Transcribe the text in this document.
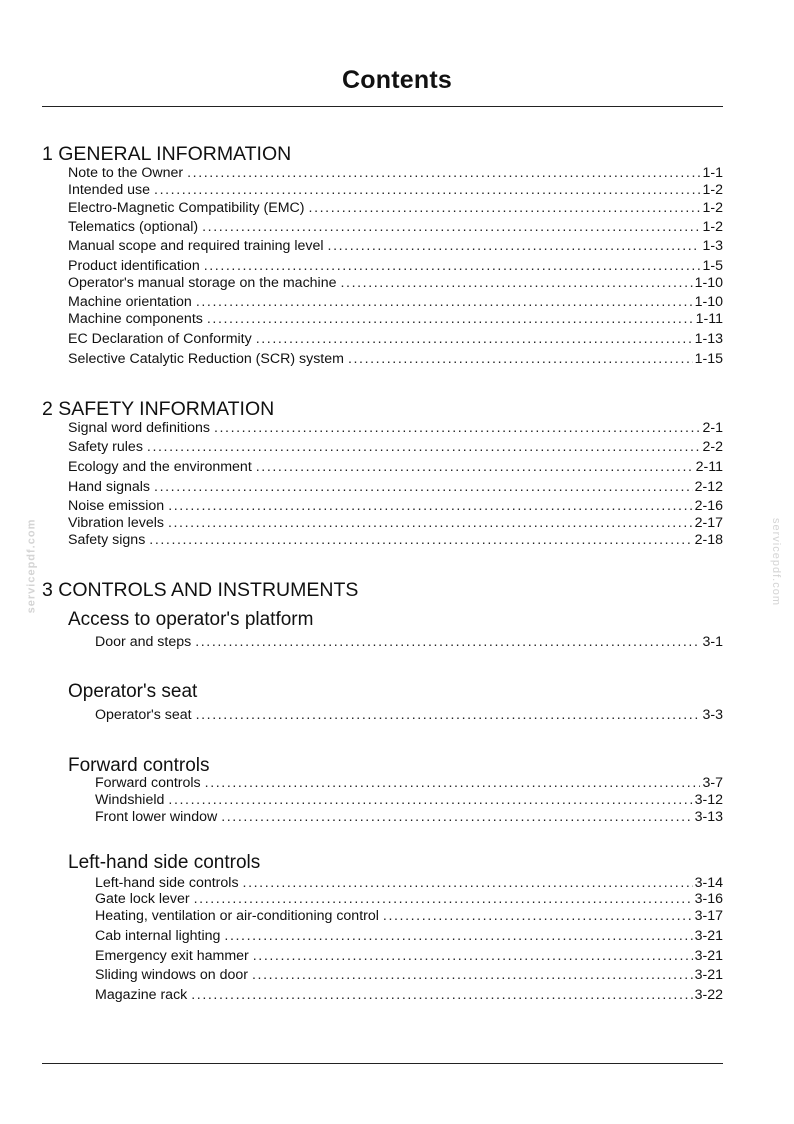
Contents
servicepdf.com	servicepdf.com
1 GENERAL INFORMATION
Note to the Owner .....	1-1
Intended use .....	1-2
Electro-Magnetic Compatibility (EMC) .....	1-2
Telematics (optional) .....	1-2
Manual scope and required training level .....	1-3
Product identification .....	1-5
Operator's manual storage on the machine .....	1-10
Machine orientation .....	1-10
Machine components .....	1-11
EC Declaration of Conformity .....	1-13
Selective Catalytic Reduction (SCR) system .....	1-15
2 SAFETY INFORMATION
Signal word definitions .....	2-1
Safety rules .....	2-2
Ecology and the environment .....	2-11
Hand signals .....	2-12
Noise emission .....	2-16
Vibration levels .....	2-17
Safety signs .....	2-18
3 CONTROLS AND INSTRUMENTS
Access to operator's platform
Door and steps .....	3-1
Operator's seat
Operator's seat .....	3-3
Forward controls
Forward controls .....	3-7
Windshield .....	3-12
Front lower window .....	3-13
Left-hand side controls
Left-hand side controls .....	3-14
Gate lock lever .....	3-16
Heating, ventilation or air-conditioning control .....	3-17
Cab internal lighting .....	3-21
Emergency exit hammer .....	3-21
Sliding windows on door .....	3-21
Magazine rack .....	3-22
